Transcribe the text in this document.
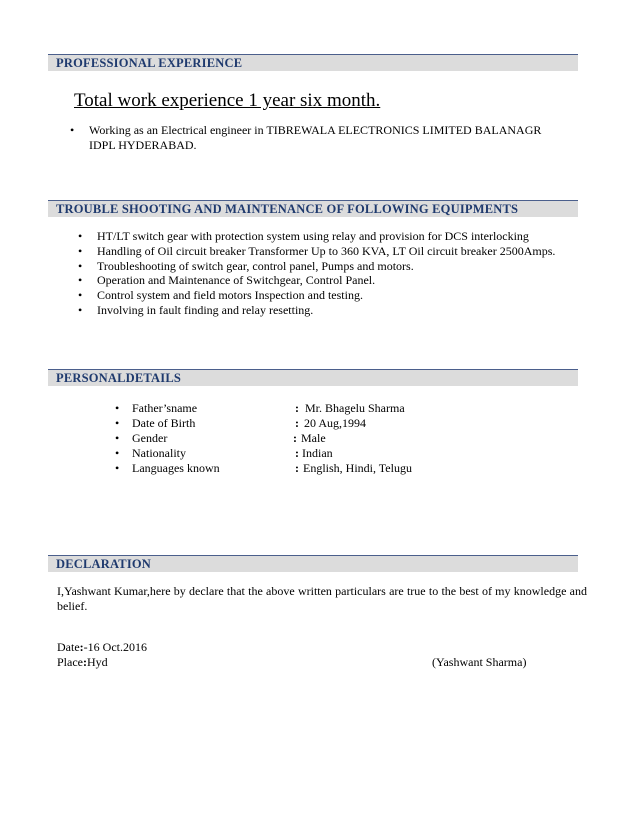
PROFESSIONAL EXPERIENCE
Total work experience 1 year six month.
• Working as an Electrical engineer in TIBREWALA ELECTRONICS LIMITED BALANAGR IDPL HYDERABAD.
TROUBLE SHOOTING AND MAINTENANCE OF FOLLOWING EQUIPMENTS
• HT/LT switch gear with protection system using relay and provision for DCS interlocking
• Handling of Oil circuit breaker Transformer Up to 360 KVA, LT Oil circuit breaker 2500Amps.
• Troubleshooting of switch gear, control panel, Pumps and motors.
• Operation and Maintenance of Switchgear, Control Panel.
• Control system and field motors Inspection and testing.
• Involving in fault finding and relay resetting.
PERSONALDETAILS
• Father’sname	: Mr. Bhagelu Sharma
• Date of Birth	: 20 Aug,1994
• Gender	: Male
• Nationality	: Indian
• Languages known	: English, Hindi, Telugu
DECLARATION
I,Yashwant Kumar,here by declare that the above written particulars are true to the best of my knowledge and belief.
Date:-16 Oct.2016
Place:Hyd	(Yashwant Sharma)
